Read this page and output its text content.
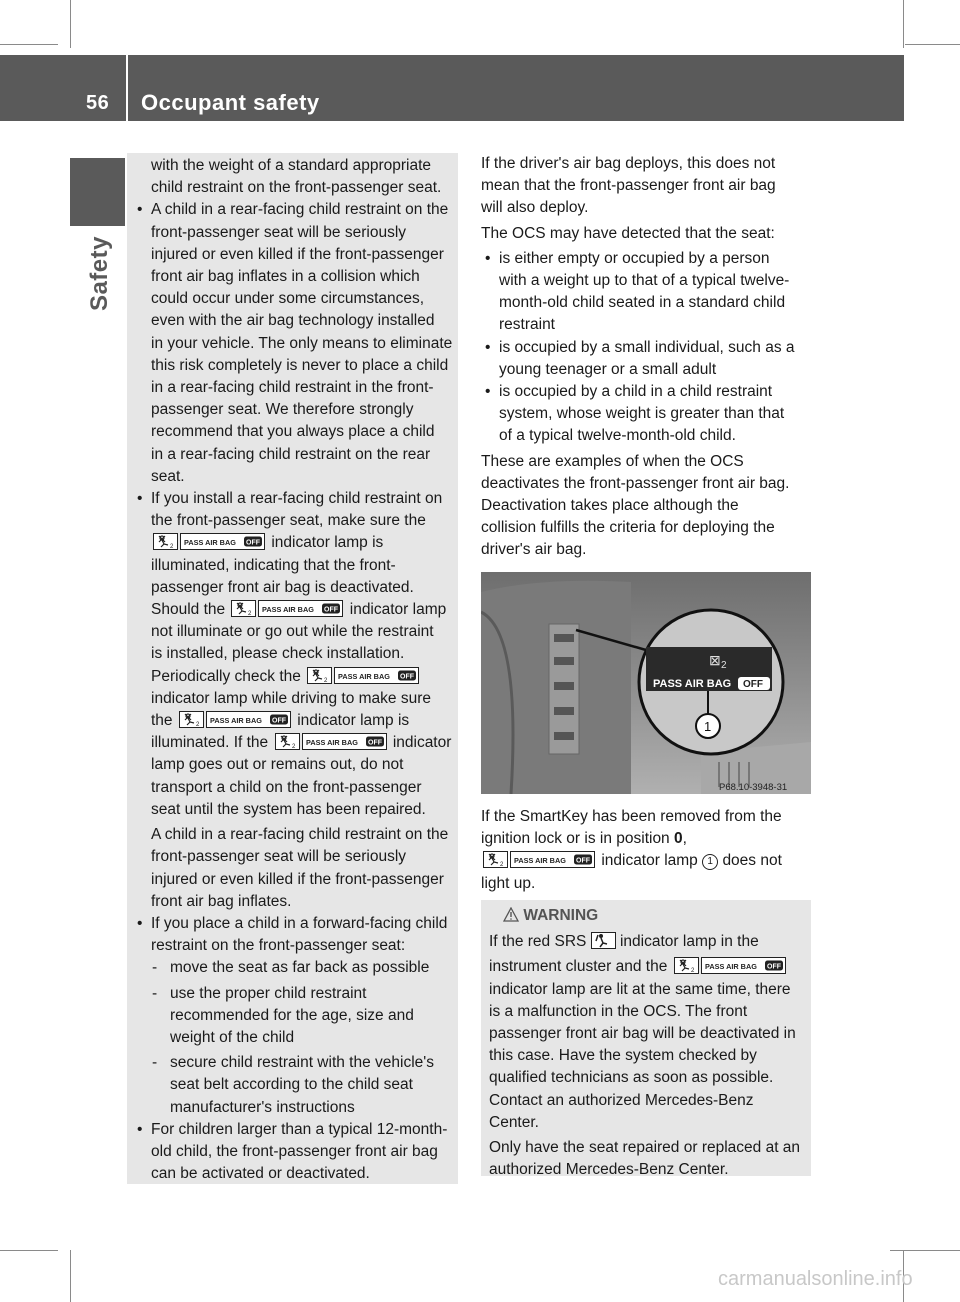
56 Occupant safety
Safety
with the weight of a standard appropriate child restraint on the front-passenger seat.
• A child in a rear-facing child restraint on the
front-passenger seat will be seriously
injured or even killed if the front-passenger
front air bag inflates in a collision which
could occur under some circumstances,
even with the air bag technology installed
in your vehicle. The only means to eliminate
this risk completely is never to place a child
in a rear-facing child restraint in the front-
passenger seat. We therefore strongly
recommend that you always place a child
in a rear-facing child restraint on the rear
seat.
• If you install a rear-facing child restraint on
the front-passenger seat, make sure the
2 PASS AIR BAG OFF indicator lamp is
illuminated, indicating that the front-
passenger front air bag is deactivated.
Should the	2 PASS AIR BAG OFF indicator lamp
not illuminate or go out while the restraint
is installed, please check installation.
Periodically check the	2 PASS AIR BAG OFF
indicator lamp while driving to make sure
the	2 PASS AIR BAG OFF indicator lamp is
illuminated. If the	2 PASS AIR BAG OFF indicator
lamp goes out or remains out, do not
transport a child on the front-passenger
seat until the system has been repaired.
A child in a rear-facing child restraint on the
front-passenger seat will be seriously
injured or even killed if the front-passenger
front air bag inflates.
• If you place a child in a forward-facing child
restraint on the front-passenger seat:
- move the seat as far back as possible
- use the proper child restraint
recommended for the age, size and
weight of the child
- secure child restraint with the vehicle's
seat belt according to the child seat
manufacturer's instructions
• For children larger than a typical 12-month-
old child, the front-passenger front air bag
can be activated or deactivated.
If the driver's air bag deploys, this does not
mean that the front-passenger front air bag
will also deploy.
The OCS may have detected that the seat:
• is either empty or occupied by a person
with a weight up to that of a typical twelve-
month-old child seated in a standard child
restraint
• is occupied by a small individual, such as a
young teenager or a small adult
• is occupied by a child in a child restraint
system, whose weight is greater than that
of a typical twelve-month-old child.
These are examples of when the OCS
deactivates the front-passenger front air bag.
Deactivation takes place although the
collision fulfills the criteria for deploying the
driver's air bag.
⊠ 2
PASS AIR BAG OFF
1
P68.10-3948-31
If the SmartKey has been removed from the
ignition lock or is in position 0,
2 PASS AIR BAG OFF indicator lamp 1 does not
light up.
WARNING
If the red SRS indicator lamp in the
instrument cluster and the	2 PASS AIR BAG OFF
indicator lamp are lit at the same time, there
is a malfunction in the OCS. The front
passenger front air bag will be deactivated in
this case. Have the system checked by
qualified technicians as soon as possible.
Contact an authorized Mercedes-Benz
Center.
Only have the seat repaired or replaced at an
authorized Mercedes-Benz Center.
carmanualsonline.info
